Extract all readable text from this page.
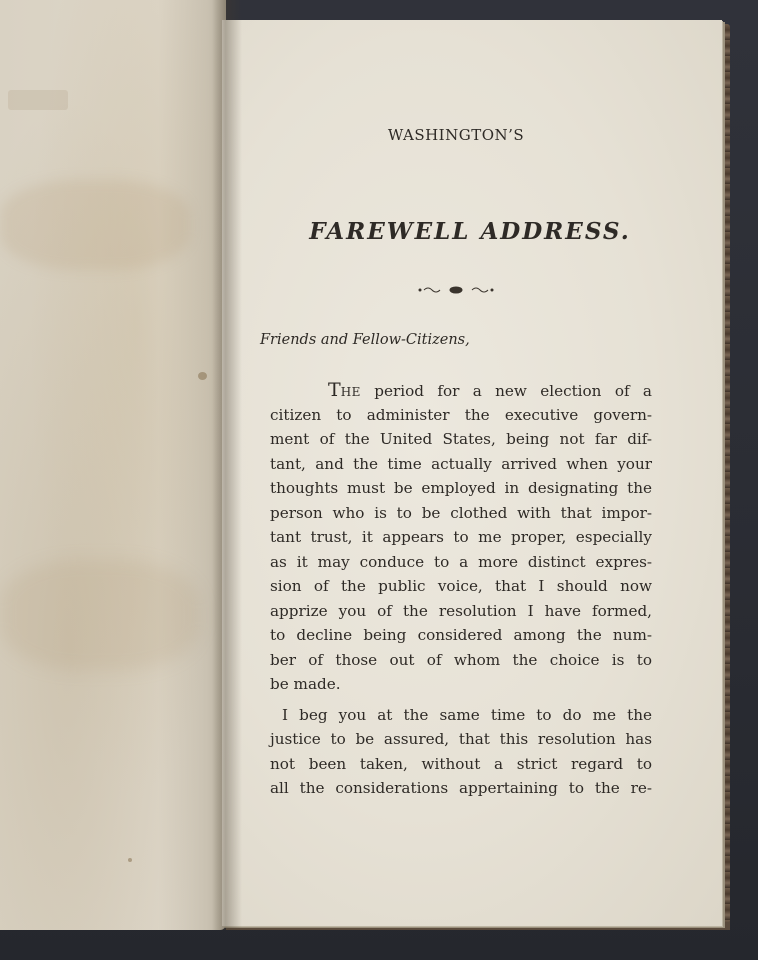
WASHINGTON’S

FAREWELL ADDRESS.

Friends and Fellow-Citizens,

THE period for a new election of a
citizen to administer the executive govern-
ment of the United States, being not far dif-
tant, and the time actually arrived when your
thoughts must be employed in designating the
person who is to be clothed with that impor-
tant trust, it appears to me proper, especially
as it may conduce to a more distinct expres-
sion of the public voice, that I should now
apprize you of the resolution I have formed,
to decline being considered among the num-
ber of those out of whom the choice is to
be made.
I beg you at the same time to do me the
justice to be assured, that this resolution has
not been taken, without a strict regard to
all the considerations appertaining to the re-
